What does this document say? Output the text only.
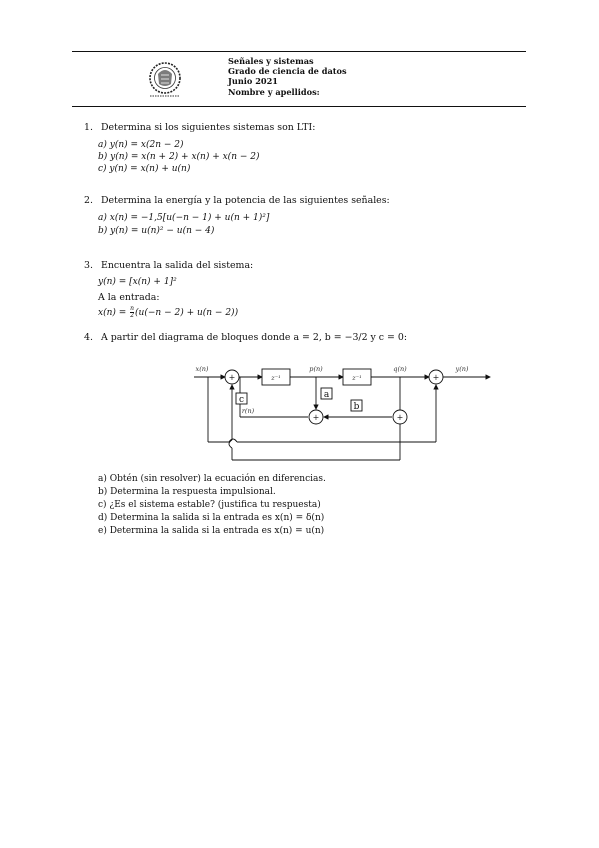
Señales y sistemas
Grado de ciencia de datos
Junio 2021
Nombre y apellidos:
1. Determina si los siguientes sistemas son LTI:
a) y(n) = x(2n − 2)
b) y(n) = x(n + 2) + x(n) + x(n − 2)
c) y(n) = x(n) + u(n)
2. Determina la energía y la potencia de las siguientes señales:
a) x(n) = −1,5[u(−n − 1) + u(n + 1)²]
b) y(n) = u(n)² − u(n − 4)
3. Encuentra la salida del sistema:
y(n) = [x(n) + 1]²
A la entrada:
$x(n) = \frac{n}{2} (u(-n - 2) + u(n - 2))$
4. A partir del diagrama de bloques donde a = 2, b = −3/2 y c = 0:
+	+
+	+
z⁻¹	z⁻¹
x(n)	p(n)	q(n)	y(n)
r(n)
c	a
b
a) Obtén (sin resolver) la ecuación en diferencias.
b) Determina la respuesta impulsional.
c) ¿Es el sistema estable? (justifica tu respuesta)
d) Determina la salida si la entrada es x(n) = δ(n)
e) Determina la salida si la entrada es x(n) = u(n)
